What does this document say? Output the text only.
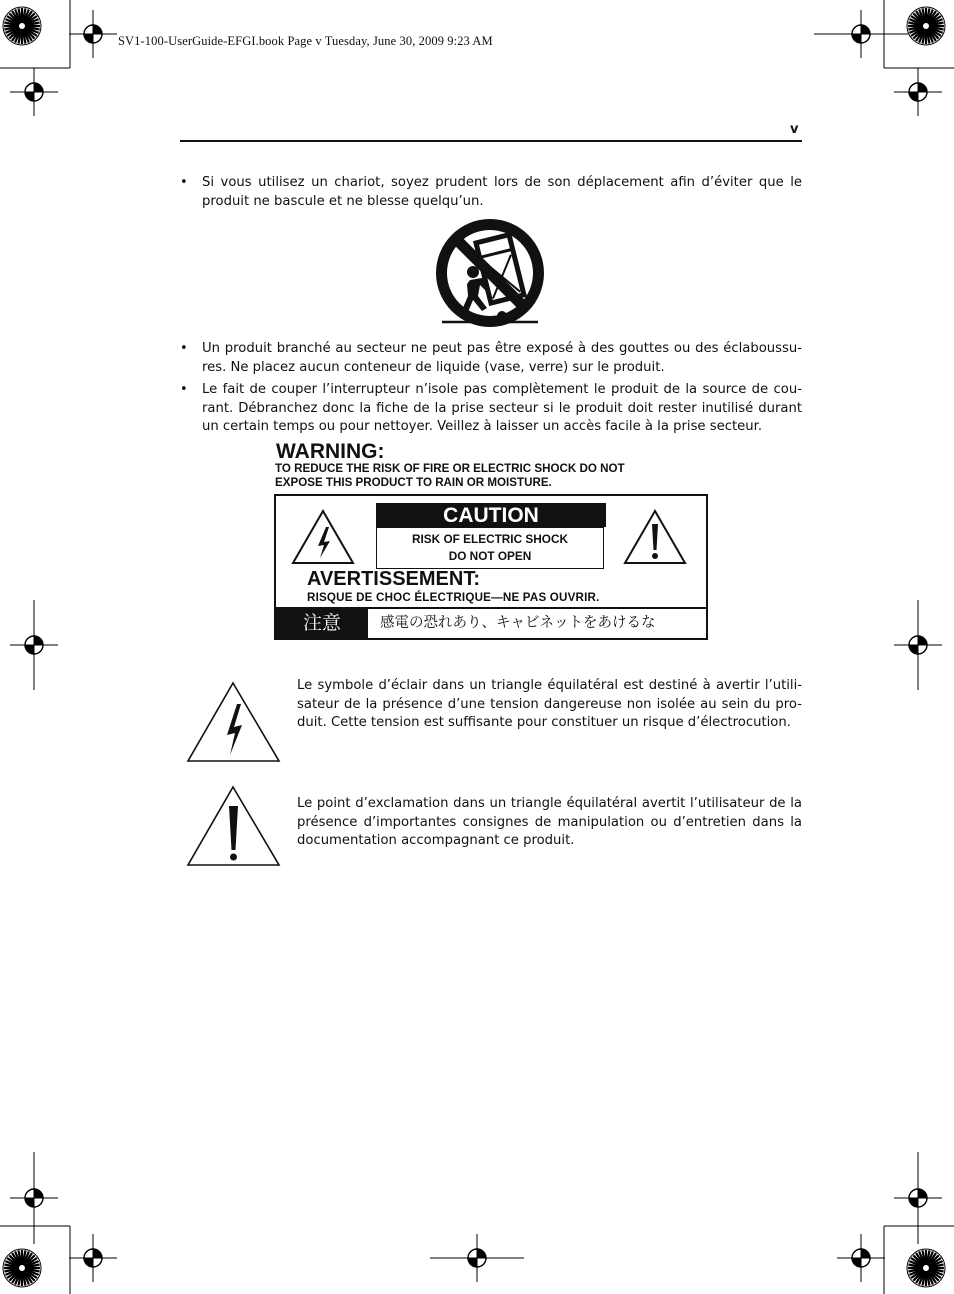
SV1-100-UserGuide-EFGI.book Page v Tuesday, June 30, 2009 9:23 AM
v
• Si vous utilisez un chariot, soyez prudent lors de son déplacement afin d’éviter que le produit ne bascule et ne blesse quelqu’un.
• Un produit branché au secteur ne peut pas être exposé à des gouttes ou des éclaboussu-res. Ne placez aucun conteneur de liquide (vase, verre) sur le produit.
• Le fait de couper l’interrupteur n’isole pas complètement le produit de la source de cou-rant. Débranchez donc la fiche de la prise secteur si le produit doit rester inutilisé durant un certain temps ou pour nettoyer. Veillez à laisser un accès facile à la prise secteur.
WARNING:
TO REDUCE THE RISK OF FIRE OR ELECTRIC SHOCK DO NOT
EXPOSE THIS PRODUCT TO RAIN OR MOISTURE.
CAUTION
RISK OF ELECTRIC SHOCK
DO NOT OPEN
AVERTISSEMENT:
RISQUE DE CHOC ÉLECTRIQUE—NE PAS OUVRIR.
注意	感電の恐れあり、キャビネットをあけるな
Le symbole d’éclair dans un triangle équilatéral est destiné à avertir l’utili-sateur de la présence d’une tension dangereuse non isolée au sein du pro-duit. Cette tension est suffisante pour constituer un risque d’électrocution.
Le point d’exclamation dans un triangle équilatéral avertit l’utilisateur de la présence d’importantes consignes de manipulation ou d’entretien dans la documentation accompagnant ce produit.
